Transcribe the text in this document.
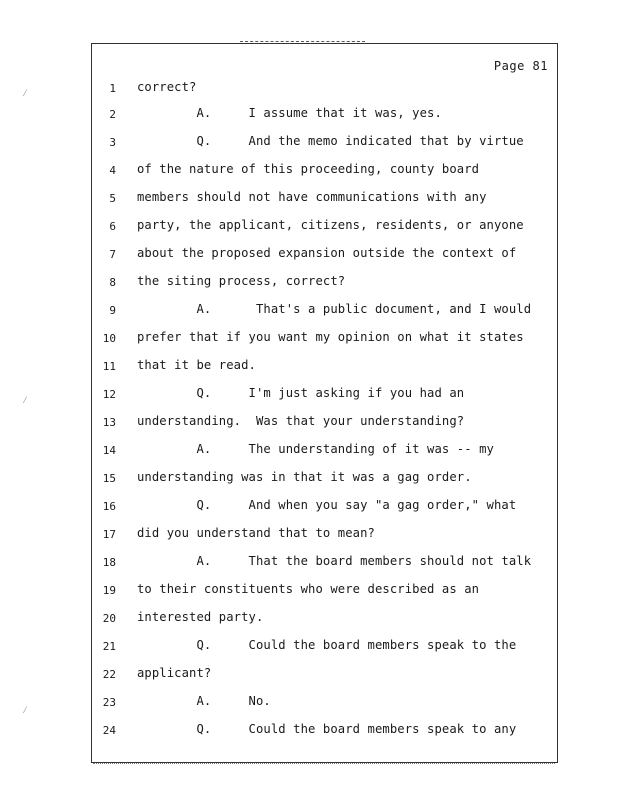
Page 81
⁄
⁄
⁄
1 correct?
2 A.     I assume that it was, yes.
3 Q.     And the memo indicated that by virtue
4 of the nature of this proceeding, county board
5 members should not have communications with any
6 party, the applicant, citizens, residents, or anyone
7 about the proposed expansion outside the context of
8 the siting process, correct?
9 A.      That's a public document, and I would
10 prefer that if you want my opinion on what it states
11 that it be read.
12 Q.     I'm just asking if you had an
13 understanding.  Was that your understanding?
14 A.     The understanding of it was -- my
15 understanding was in that it was a gag order.
16 Q.     And when you say "a gag order," what
17 did you understand that to mean?
18 A.     That the board members should not talk
19 to their constituents who were described as an
20 interested party.
21 Q.     Could the board members speak to the
22 applicant?
23 A.     No.
24 Q.     Could the board members speak to any
